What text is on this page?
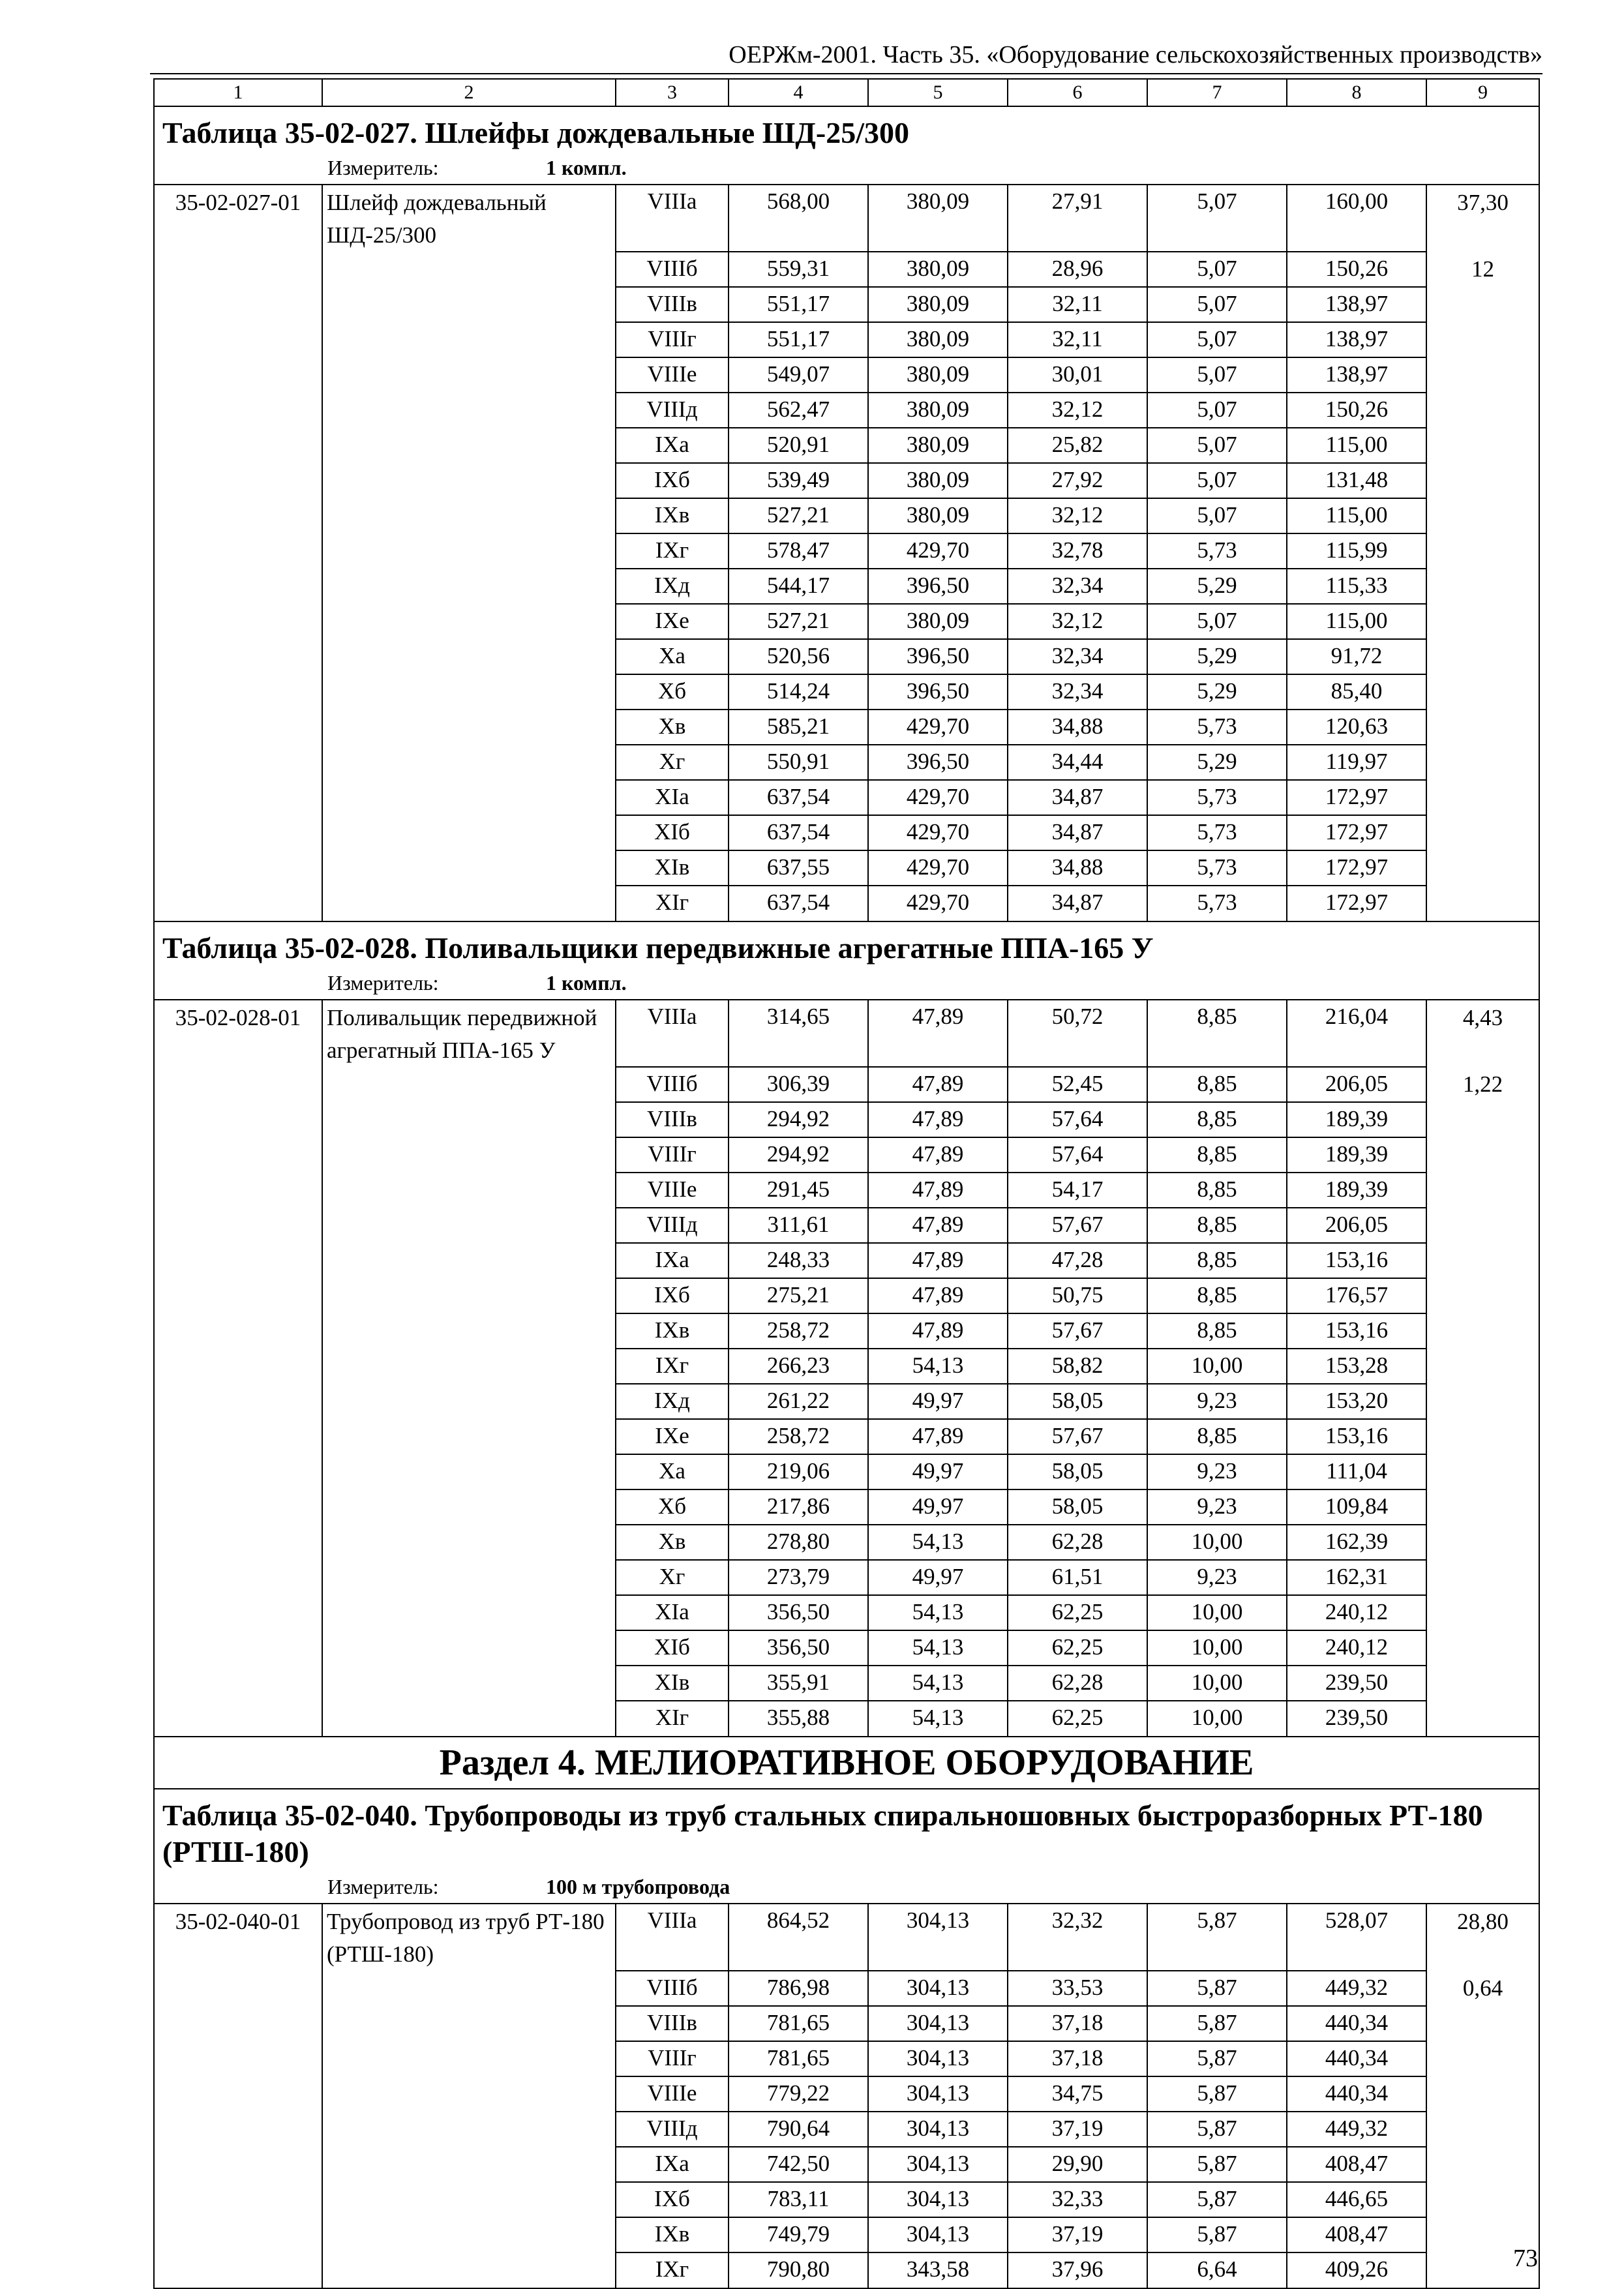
ОЕРЖм-2001. Часть 35. «Оборудование сельскохозяйственных производств»
1	2	3	4	5	6	7	8	9
Таблица 35-02-027. Шлейфы дождевальные ШД-25/300								
Измеритель: 1 компл.								
35-02-027-01	Шлейф дождевальный ШД-25/300	VIIIа	568,00	380,09	27,91	5,07	160,00	37,30
		VIIIб	559,31	380,09	28,96	5,07	150,26	12
		VIIIв	551,17	380,09	32,11	5,07	138,97	
		VIIIг	551,17	380,09	32,11	5,07	138,97	
		VIIIе	549,07	380,09	30,01	5,07	138,97	
		VIIIд	562,47	380,09	32,12	5,07	150,26	
		IXа	520,91	380,09	25,82	5,07	115,00	
		IXб	539,49	380,09	27,92	5,07	131,48	
		IXв	527,21	380,09	32,12	5,07	115,00	
		IXг	578,47	429,70	32,78	5,73	115,99	
		IXд	544,17	396,50	32,34	5,29	115,33	
		IXе	527,21	380,09	32,12	5,07	115,00	
		Xа	520,56	396,50	32,34	5,29	91,72	
		Xб	514,24	396,50	32,34	5,29	85,40	
		Xв	585,21	429,70	34,88	5,73	120,63	
		Xг	550,91	396,50	34,44	5,29	119,97	
		XIа	637,54	429,70	34,87	5,73	172,97	
		XIб	637,54	429,70	34,87	5,73	172,97	
		XIв	637,55	429,70	34,88	5,73	172,97	
		XIг	637,54	429,70	34,87	5,73	172,97	
Таблица 35-02-028. Поливальщики передвижные агрегатные ППА-165 У								
Измеритель: 1 компл.								
35-02-028-01	Поливальщик передвижной агрегатный ППА-165 У	VIIIа	314,65	47,89	50,72	8,85	216,04	4,43
		VIIIб	306,39	47,89	52,45	8,85	206,05	1,22
		VIIIв	294,92	47,89	57,64	8,85	189,39	
		VIIIг	294,92	47,89	57,64	8,85	189,39	
		VIIIе	291,45	47,89	54,17	8,85	189,39	
		VIIIд	311,61	47,89	57,67	8,85	206,05	
		IXа	248,33	47,89	47,28	8,85	153,16	
		IXб	275,21	47,89	50,75	8,85	176,57	
		IXв	258,72	47,89	57,67	8,85	153,16	
		IXг	266,23	54,13	58,82	10,00	153,28	
		IXд	261,22	49,97	58,05	9,23	153,20	
		IXе	258,72	47,89	57,67	8,85	153,16	
		Xа	219,06	49,97	58,05	9,23	111,04	
		Xб	217,86	49,97	58,05	9,23	109,84	
		Xв	278,80	54,13	62,28	10,00	162,39	
		Xг	273,79	49,97	61,51	9,23	162,31	
		XIа	356,50	54,13	62,25	10,00	240,12	
		XIб	356,50	54,13	62,25	10,00	240,12	
		XIв	355,91	54,13	62,28	10,00	239,50	
		XIг	355,88	54,13	62,25	10,00	239,50	
Раздел 4. МЕЛИОРАТИВНОЕ ОБОРУДОВАНИЕ								
Таблица 35-02-040. Трубопроводы из труб стальных спиральношовных быстроразборных РТ-180 (РТШ-180)								
Измеритель: 100 м трубопровода								
35-02-040-01	Трубопровод из труб РТ-180 (РТШ-180)	VIIIа	864,52	304,13	32,32	5,87	528,07	28,80
		VIIIб	786,98	304,13	33,53	5,87	449,32	0,64
		VIIIв	781,65	304,13	37,18	5,87	440,34	
		VIIIг	781,65	304,13	37,18	5,87	440,34	
		VIIIе	779,22	304,13	34,75	5,87	440,34	
		VIIIд	790,64	304,13	37,19	5,87	449,32	
		IXа	742,50	304,13	29,90	5,87	408,47	
		IXб	783,11	304,13	32,33	5,87	446,65	
		IXв	749,79	304,13	37,19	5,87	408,47	
		IXг	790,80	343,58	37,96	6,64	409,26		73
